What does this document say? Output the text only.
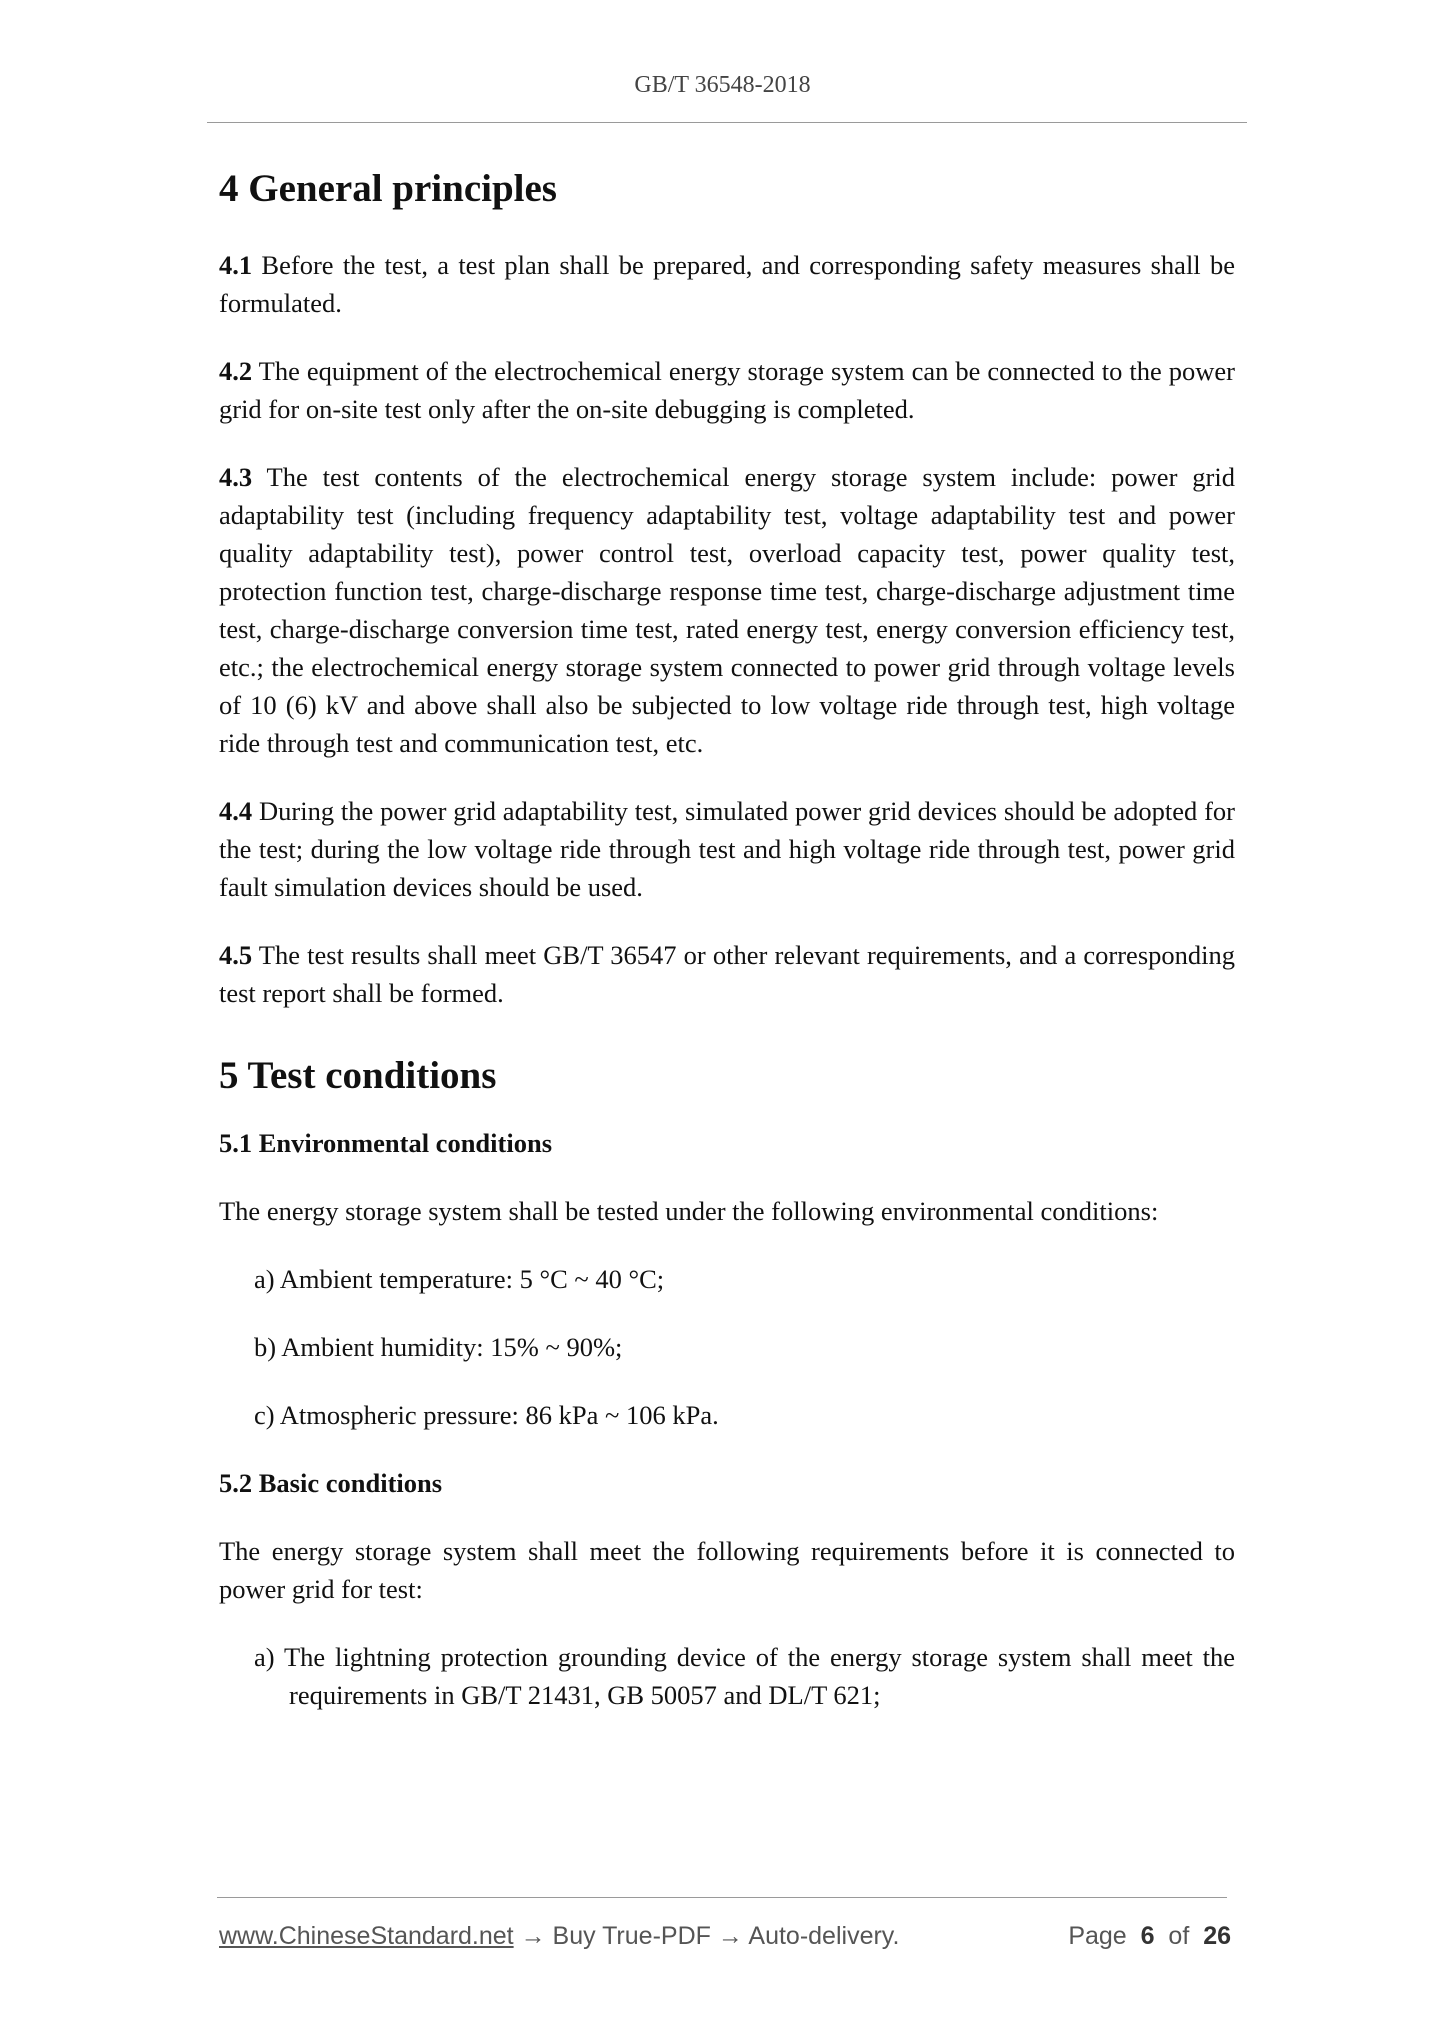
GB/T 36548-2018
4 General principles

4.1 Before the test, a test plan shall be prepared, and corresponding safety measures shall be formulated.

4.2 The equipment of the electrochemical energy storage system can be connected to the power grid for on-site test only after the on-site debugging is completed.

4.3 The test contents of the electrochemical energy storage system include: power grid adaptability test (including frequency adaptability test, voltage adaptability test and power quality adaptability test), power control test, overload capacity test, power quality test, protection function test, charge-discharge response time test, charge-discharge adjustment time test, charge-discharge conversion time test, rated energy test, energy conversion efficiency test, etc.; the electrochemical energy storage system connected to power grid through voltage levels of 10 (6) kV and above shall also be subjected to low voltage ride through test, high voltage ride through test and communication test, etc.

4.4 During the power grid adaptability test, simulated power grid devices should be adopted for the test; during the low voltage ride through test and high voltage ride through test, power grid fault simulation devices should be used.

4.5 The test results shall meet GB/T 36547 or other relevant requirements, and a corresponding test report shall be formed.

5 Test conditions
5.1 Environmental conditions

The energy storage system shall be tested under the following environmental conditions:

a) Ambient temperature: 5 °C ~ 40 °C;

b) Ambient humidity: 15% ~ 90%;

c) Atmospheric pressure: 86 kPa ~ 106 kPa.

5.2 Basic conditions

The energy storage system shall meet the following requirements before it is connected to power grid for test:

a) The lightning protection grounding device of the energy storage system shall meet the requirements in GB/T 21431, GB 50057 and DL/T 621;

www.ChineseStandard.net → Buy True-PDF → Auto-delivery.	Page 6 of 26
